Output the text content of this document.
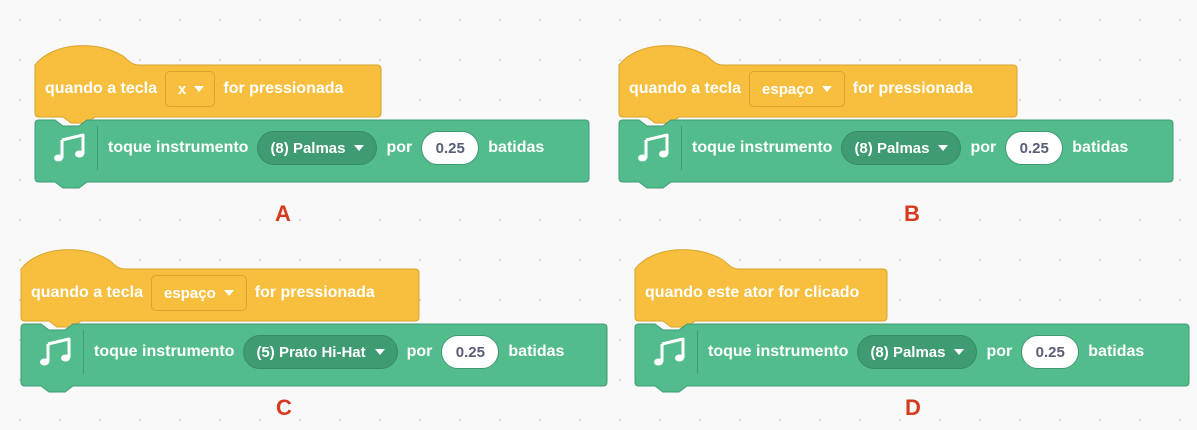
quando a tecla x for pressionada
toque instrumento (8) Palmas	por 0.25 batidas
A
quando a tecla espaço for pressionada
toque instrumento (8) Palmas	por 0.25 batidas
B
quando a tecla espaço for pressionada
toque instrumento (5) Prato Hi-Hat	por 0.25 batidas
C
quando este ator for clicado
toque instrumento (8) Palmas	por 0.25 batidas
D
